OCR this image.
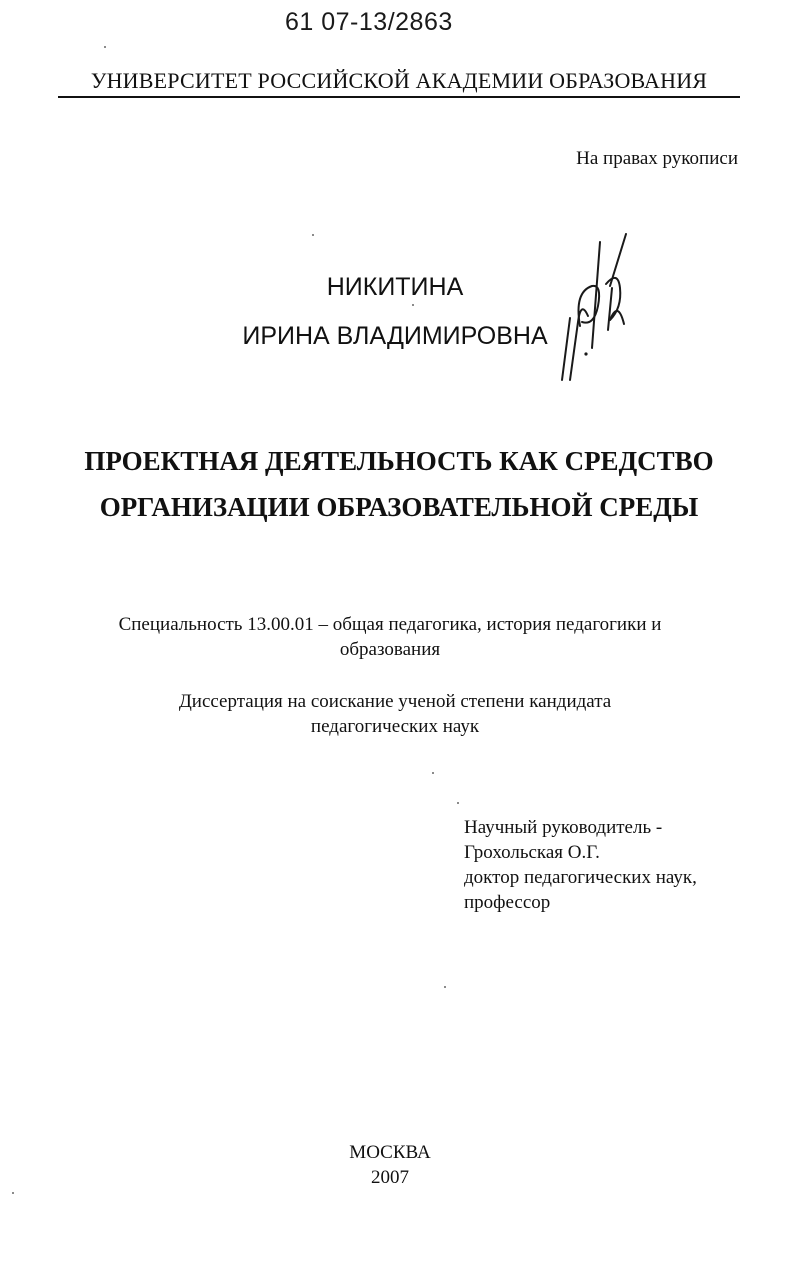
61 07-13/2863
УНИВЕРСИТЕТ РОССИЙСКОЙ АКАДЕМИИ ОБРАЗОВАНИЯ
На правах рукописи
НИКИТИНА
ИРИНА ВЛАДИМИРОВНА
ПРОЕКТНАЯ ДЕЯТЕЛЬНОСТЬ КАК СРЕДСТВО
ОРГАНИЗАЦИИ ОБРАЗОВАТЕЛЬНОЙ СРЕДЫ
Специальность 13.00.01 – общая педагогика, история педагогики и
образования
Диссертация на соискание ученой степени кандидата
педагогических наук
Научный руководитель -
Грохольская О.Г.
доктор педагогических наук,
профессор
МОСКВА
2007
